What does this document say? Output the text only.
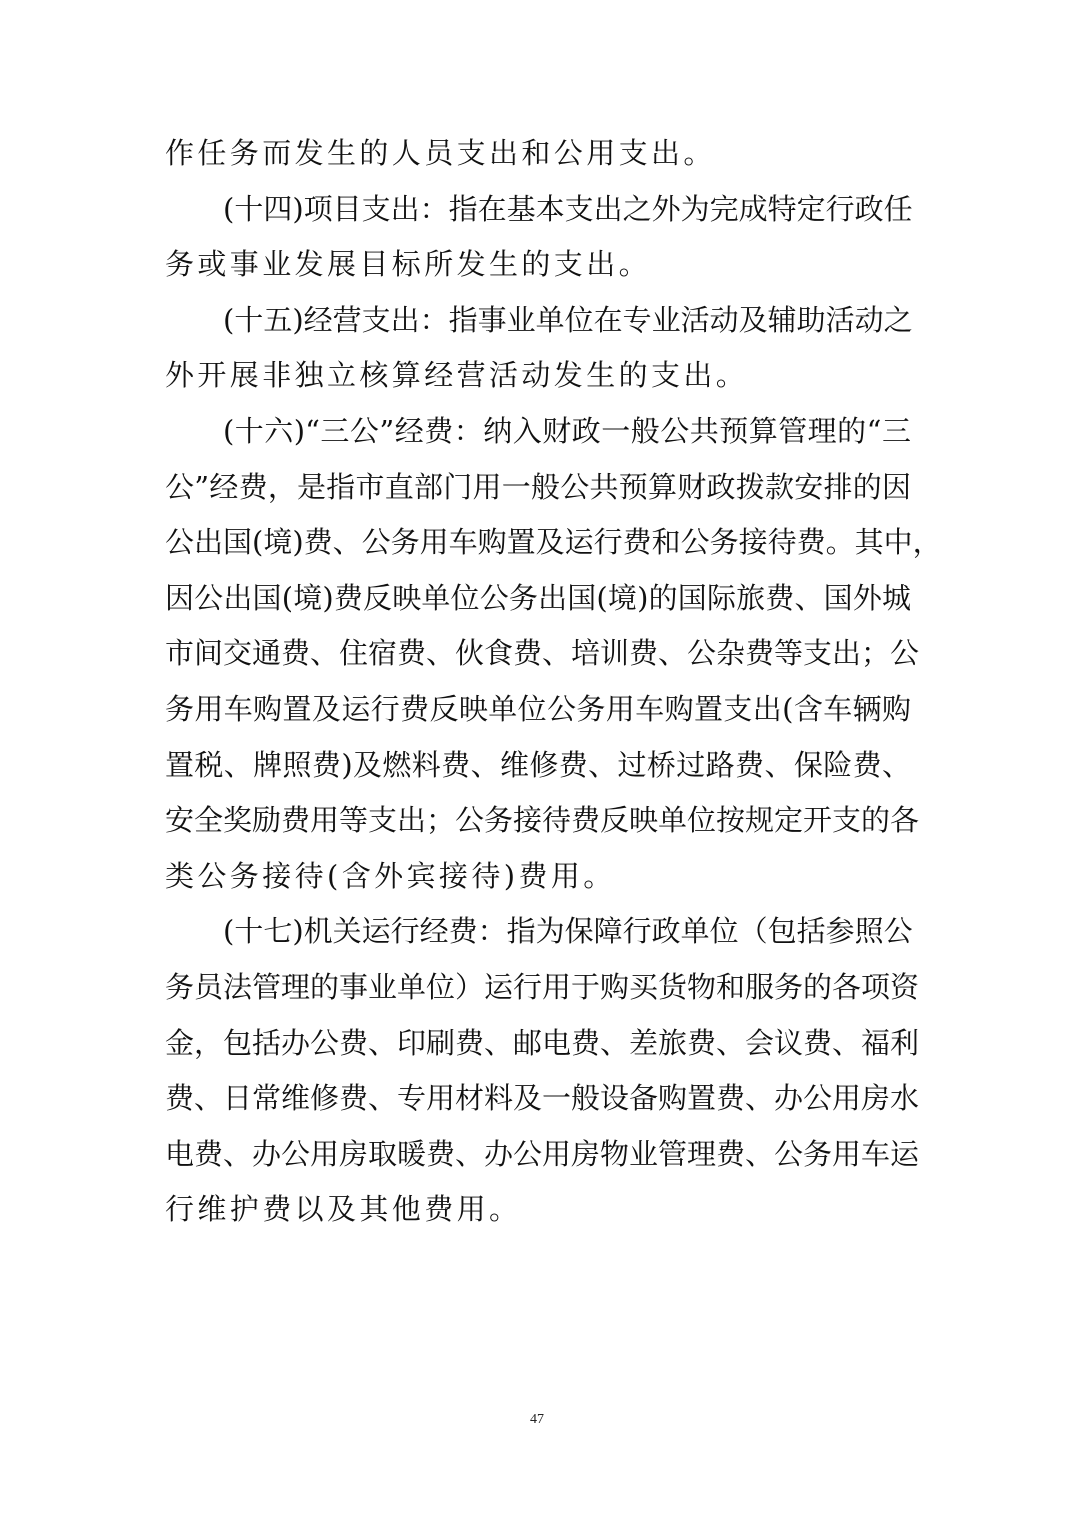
作任务而发生的人员支出和公用支出。
(十四)项目支出：指在基本支出之外为完成特定行政任
务或事业发展目标所发生的支出。
(十五)经营支出：指事业单位在专业活动及辅助活动之
外开展非独立核算经营活动发生的支出。
(十六)“三公”经费：纳入财政一般公共预算管理的“三
公”经费，是指市直部门用一般公共预算财政拨款安排的因
公出国(境)费、公务用车购置及运行费和公务接待费。其中，
因公出国(境)费反映单位公务出国(境)的国际旅费、国外城
市间交通费、住宿费、伙食费、培训费、公杂费等支出；公
务用车购置及运行费反映单位公务用车购置支出(含车辆购
置税、牌照费)及燃料费、维修费、过桥过路费、保险费、
安全奖励费用等支出；公务接待费反映单位按规定开支的各
类公务接待(含外宾接待)费用。
(十七)机关运行经费：指为保障行政单位（包括参照公
务员法管理的事业单位）运行用于购买货物和服务的各项资
金，包括办公费、印刷费、邮电费、差旅费、会议费、福利
费、日常维修费、专用材料及一般设备购置费、办公用房水
电费、办公用房取暖费、办公用房物业管理费、公务用车运
行维护费以及其他费用。
47
